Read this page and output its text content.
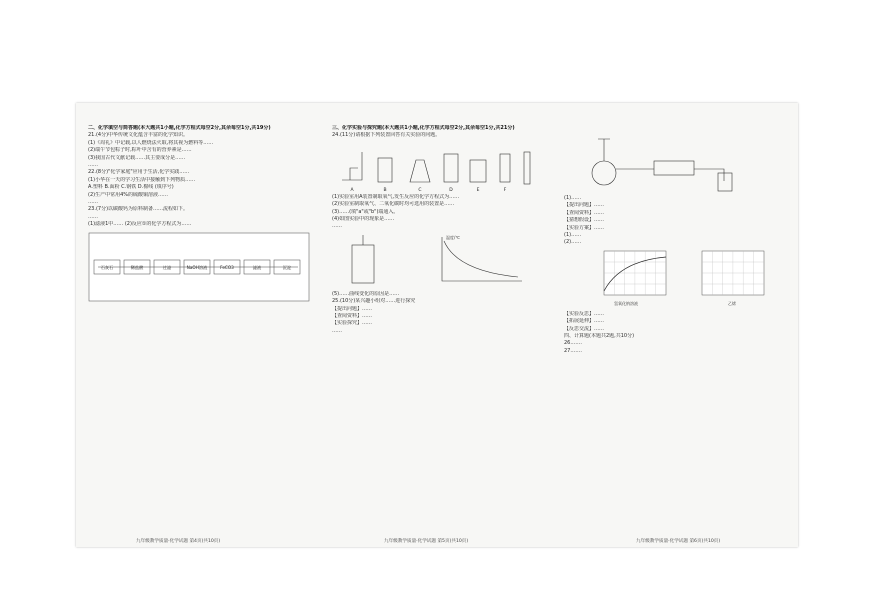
二、化学填空与简答题(本大题共1小题,化学方程式每空2分,其余每空1分,共19分)

21.(4分)中华传统文化蕴含丰富的化学知识。

(1)《周礼》中记载,以人燃烧法火取,将其视为燃料等……

(2)端午节包粽子时,粽叶中含有的营养素是……

(3)我国古代文献记载……其主要成分是……

……

22.(8分)"化学家庭"应用于生活,化学实践……

(1)小华在一天的学习生活中接触到下列物质……

A.塑料 B.面粉 C.钢铁 D.棉线 (填序号)

(2)生产中常用4%的硫酸铜溶液……

……

23.(7分)以碳酸钙为原料制备……流程如下。

……

(1)滤液1中…… (2)反应①的化学方程式为……

石灰石	稀盐酸	过滤	NaOH溶液	FeCO3	滤液	沉淀

三、化学实验与探究题(本大题共1小题,化学方程式每空2分,其余每空1分,共21分)

24.(11分)请根据下列装置回答有关实验的问题。

A	B	C	D	E	F

(1)实验室用A装置制取氧气,发生反应的化学方程式为……

(2)实验室制取氧气、二氧化碳时均可选用的装置是……

(3)……(填"a"或"b")端通入。

(4)如图实验中的现象是……

……

温度/℃

(5)……曲线变化的原因是……

25.(10分)某兴趣小组对……进行探究

【提出问题】……

【查阅资料】……

【实验探究】……

……

(1)……

【提出问题】……

【查阅资料】……

【猜想假设】……

【实验方案】……

(1)……

(2)……

氢氧化钠溶液	乙烯

【实验反思】……

【拓展延伸】……

【反思交流】……

四、计算题(本题共2题,共10分)

26.……

27.……

九年级教学质量·化学试题 第4页(共10页)	九年级教学质量·化学试题 第5页(共10页)	九年级教学质量·化学试题 第6页(共10页)
